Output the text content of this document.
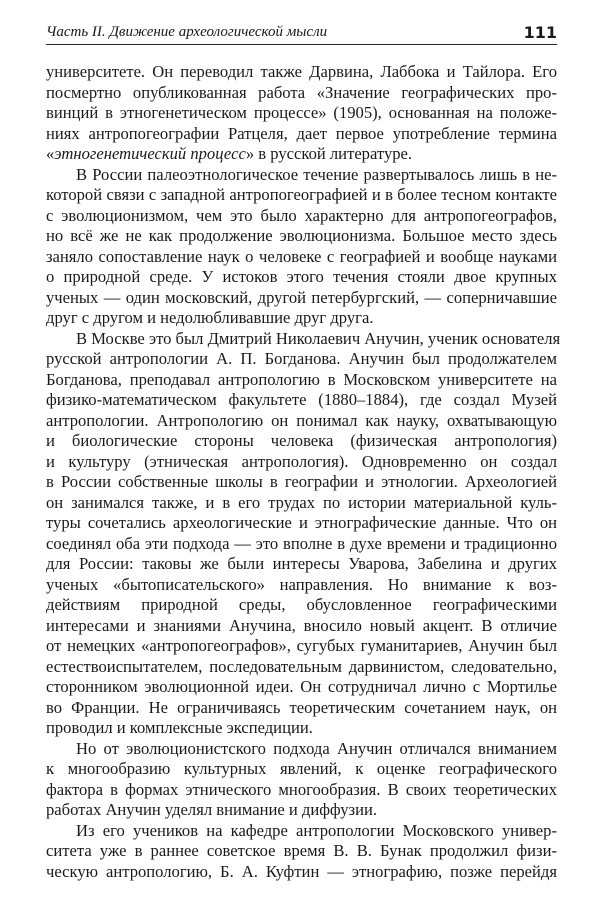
Часть II. Движение археологической мысли	111
университете. Он переводил также Дарвина, Лаббока и Тайлора. Его
посмертно опубликованная работа «Значение географических про-
винций в этногенетическом процессе» (1905), основанная на положе-
ниях антропогеографии Ратцеля, дает первое употребление термина
«этногенетический процесс» в русской литературе.
В России палеоэтнологическое течение развертывалось лишь в не-
которой связи с западной антропогеографией и в более тесном контакте
с эволюционизмом, чем это было характерно для антропогеографов,
но всё же не как продолжение эволюционизма. Большое место здесь
заняло сопоставление наук о человеке с географией и вообще науками
о природной среде. У истоков этого течения стояли двое крупных
ученых — один московский, другой петербургский, — соперничавшие
друг с другом и недолюбливавшие друг друга.
В Москве это был Дмитрий Николаевич Анучин, ученик основателя
русской антропологии А. П. Богданова. Анучин был продолжателем
Богданова, преподавал антропологию в Московском университете на
физико-математическом факультете (1880–1884), где создал Музей
антропологии. Антропологию он понимал как науку, охватывающую
и биологические стороны человека (физическая антропология)
и культуру (этническая антропология). Одновременно он создал
в России собственные школы в географии и этнологии. Археологией
он занимался также, и в его трудах по истории материальной куль-
туры сочетались археологические и этнографические данные. Что он
соединял оба эти подхода — это вполне в духе времени и традиционно
для России: таковы же были интересы Уварова, Забелина и других
ученых «бытописательского» направления. Но внимание к воз-
действиям природной среды, обусловленное географическими
интересами и знаниями Анучина, вносило новый акцент. В отличие
от немецких «антропогеографов», сугубых гуманитариев, Анучин был
естествоиспытателем, последовательным дарвинистом, следовательно,
сторонником эволюционной идеи. Он сотрудничал лично с Мортилье
во Франции. Не ограничиваясь теоретическим сочетанием наук, он
проводил и комплексные экспедиции.
Но от эволюционистского подхода Анучин отличался вниманием
к многообразию культурных явлений, к оценке географического
фактора в формах этнического многообразия. В своих теоретических
работах Анучин уделял внимание и диффузии.
Из его учеников на кафедре антропологии Московского универ-
ситета уже в раннее советское время В. В. Бунак продолжил физи-
ческую антропологию, Б. А. Куфтин — этнографию, позже перейдя
